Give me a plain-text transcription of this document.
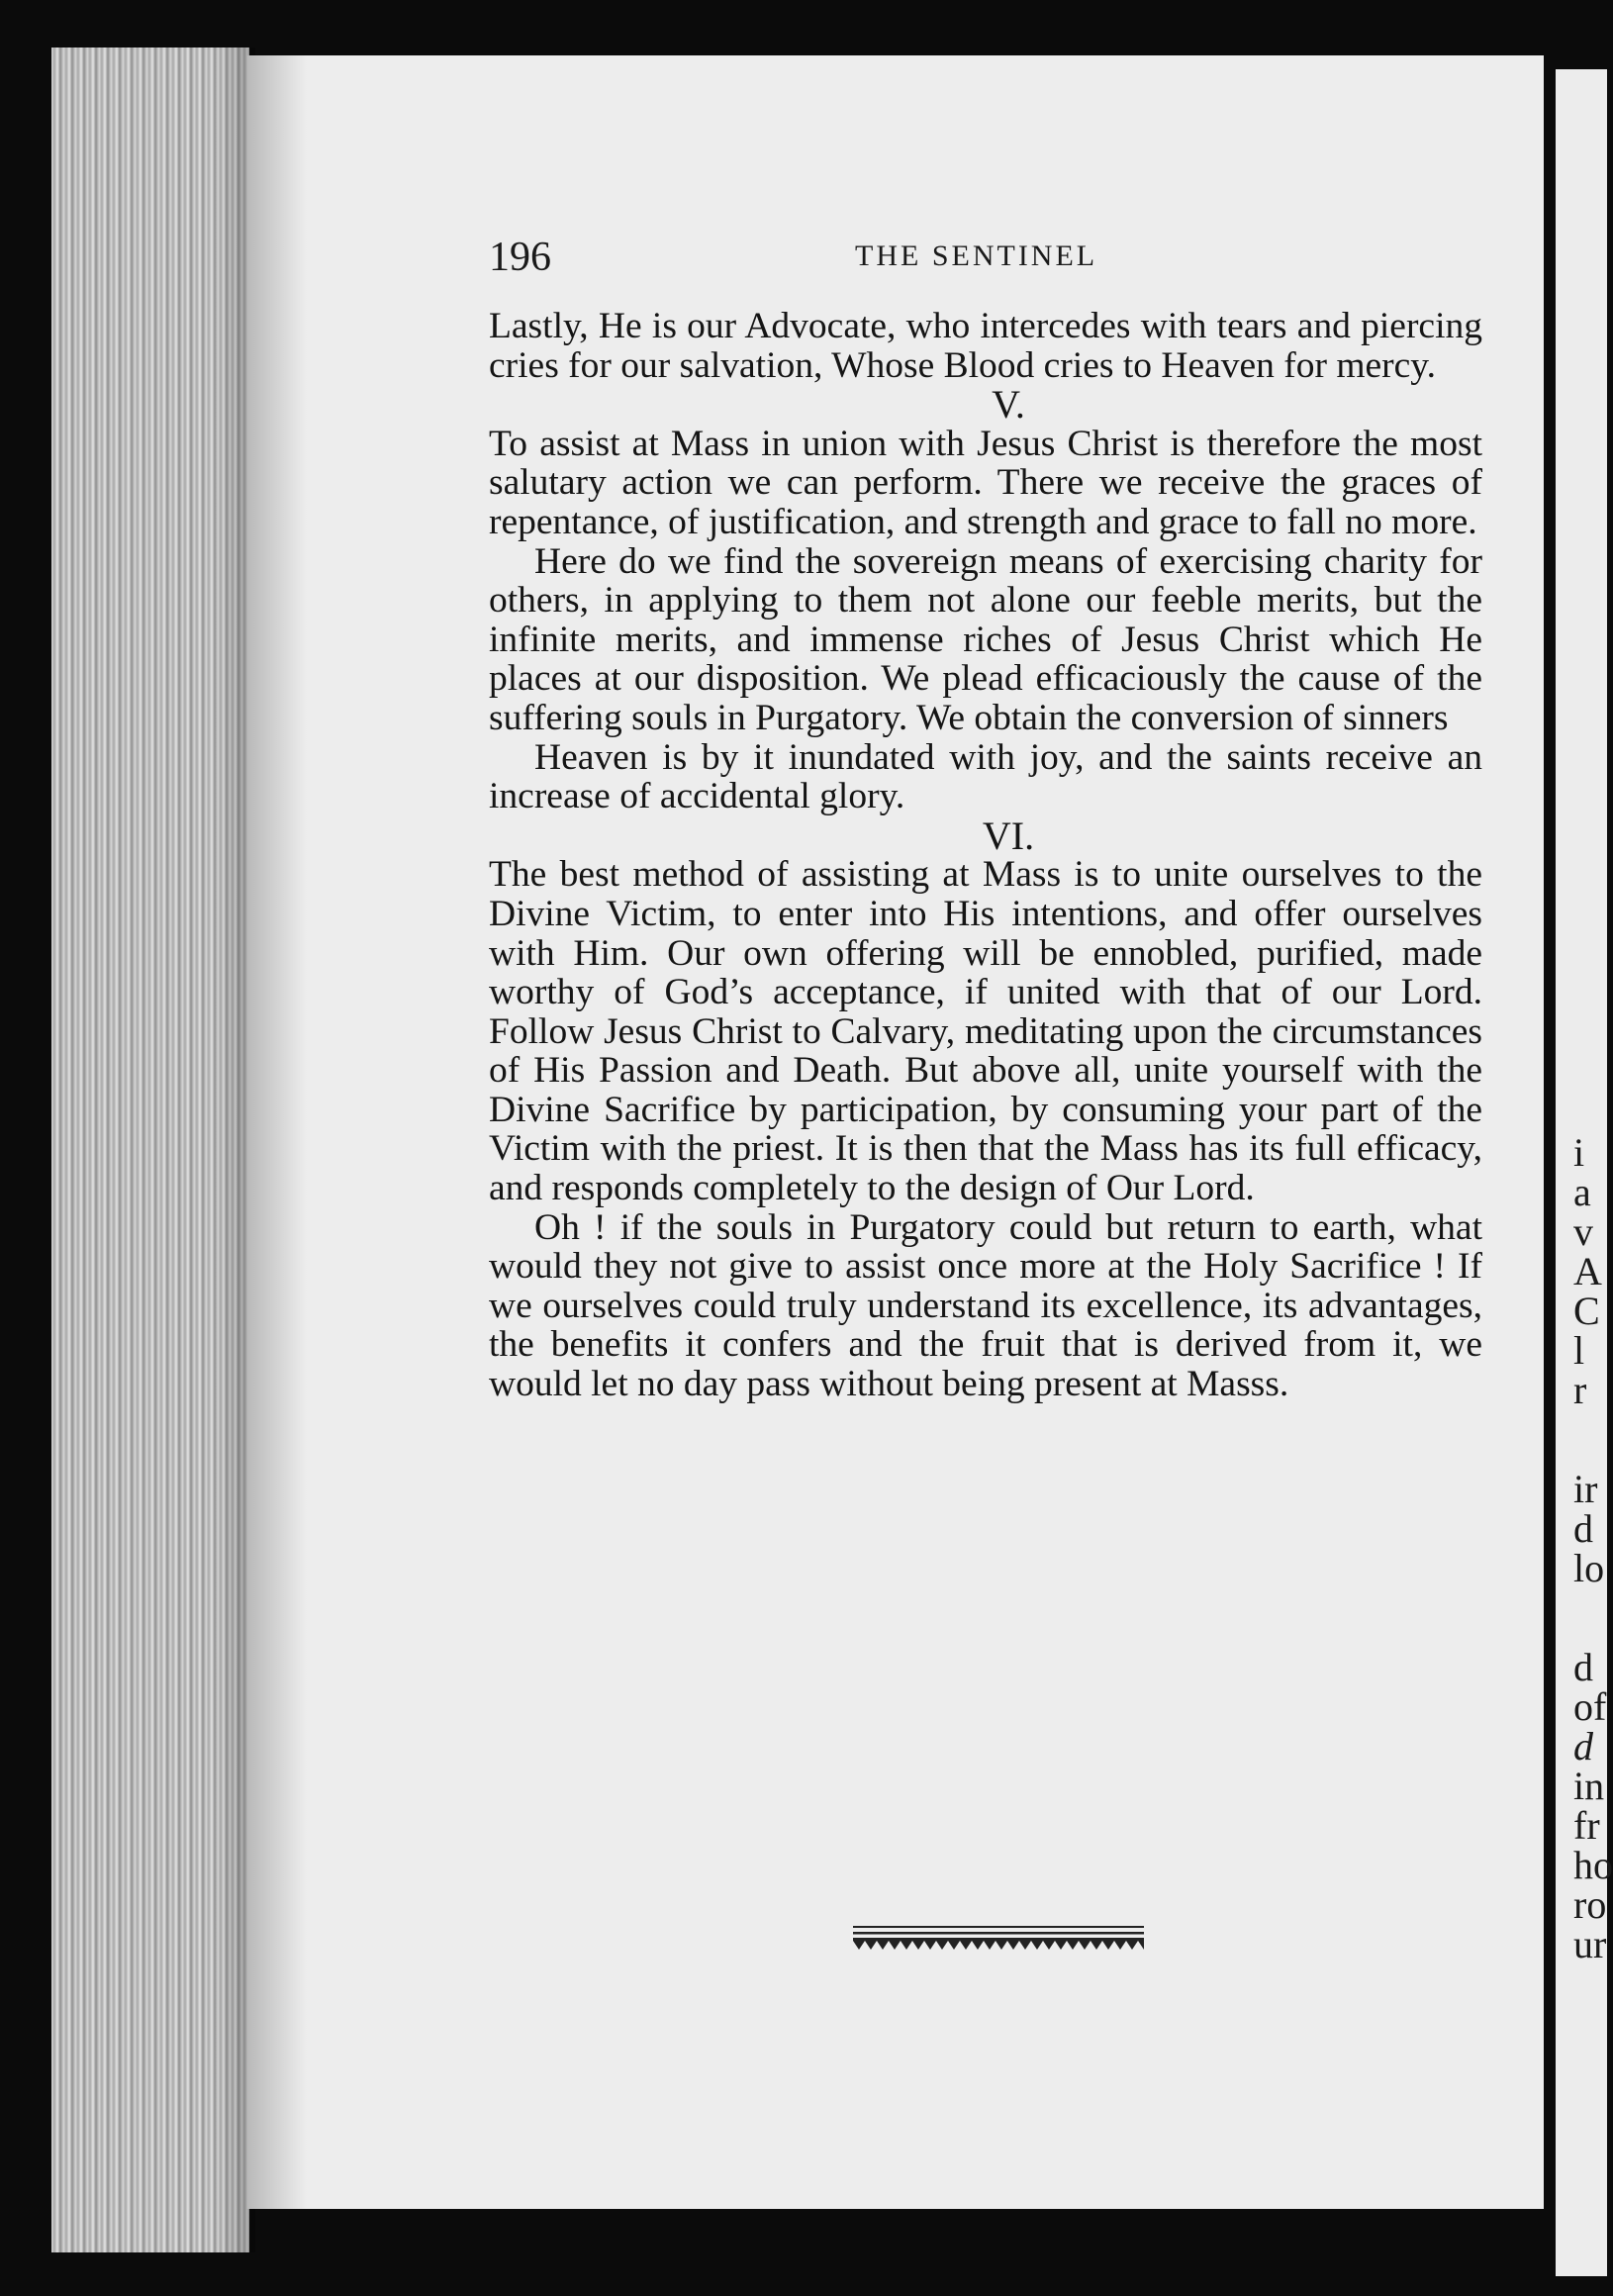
i
a
v
A
C
l
r
ir
d
lo
d
of
d
in
fr
ho
ro
ur
196	THE SENTINEL

Lastly, He is our Advocate, who intercedes with tears and piercing cries for our salvation, Whose Blood cries to Heaven for mercy.

V.

To assist at Mass in union with Jesus Christ is therefore the most salutary action we can perform. There we receive the graces of repentance, of justification, and strength and grace to fall no more.

Here do we find the sovereign means of exercising charity for others, in applying to them not alone our feeble merits, but the infinite merits, and immense riches of Jesus Christ which He places at our disposition. We plead efficaciously the cause of the suffering souls in Purgatory. We obtain the conversion of sinners

Heaven is by it inundated with joy, and the saints receive an increase of accidental glory.

VI.

The best method of assisting at Mass is to unite ourselves to the Divine Victim, to enter into His intentions, and offer ourselves with Him. Our own offering will be ennobled, purified, made worthy of God’s acceptance, if united with that of our Lord. Follow Jesus Christ to Calvary, meditating upon the circumstances of His Passion and Death. But above all, unite yourself with the Divine Sacrifice by participation, by consuming your part of the Victim with the priest. It is then that the Mass has its full efficacy, and responds completely to the design of Our Lord.

Oh ! if the souls in Purgatory could but return to earth, what would they not give to assist once more at the Holy Sacrifice ! If we ourselves could truly understand its excellence, its advantages, the benefits it confers and the fruit that is derived from it, we would let no day pass without being present at Masss.
